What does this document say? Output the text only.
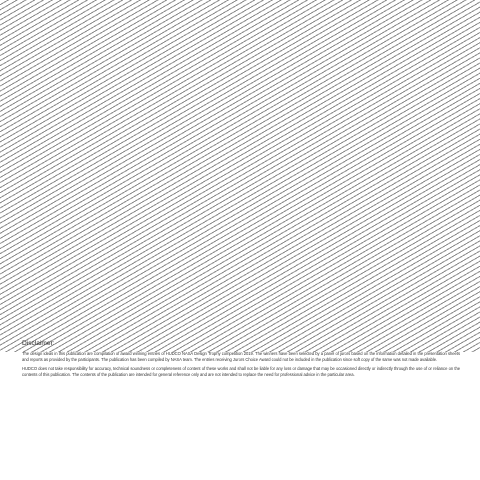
Disclaimer:

The design ideas in this publication are compilation of award winning entries of HUDCO NASA Design Trophy competition 2019. The winners have been selected by a panel of jurors based on the information detailed in the presentation sheets and reports as provided by the participants. The publication has been compiled by NASA team. The entries receiving Jurors Choice Award could not be included in the publication since soft copy of the same was not made available.

HUDCO does not take responsibility for accuracy, technical soundness or completeness of content of these works and shall not be liable for any loss or damage that may be occasioned directly or indirectly through the use of or reliance on the contents of this publication. The contents of the publication are intended for general reference only and are not intended to replace the need for professional advice in the particular area.
